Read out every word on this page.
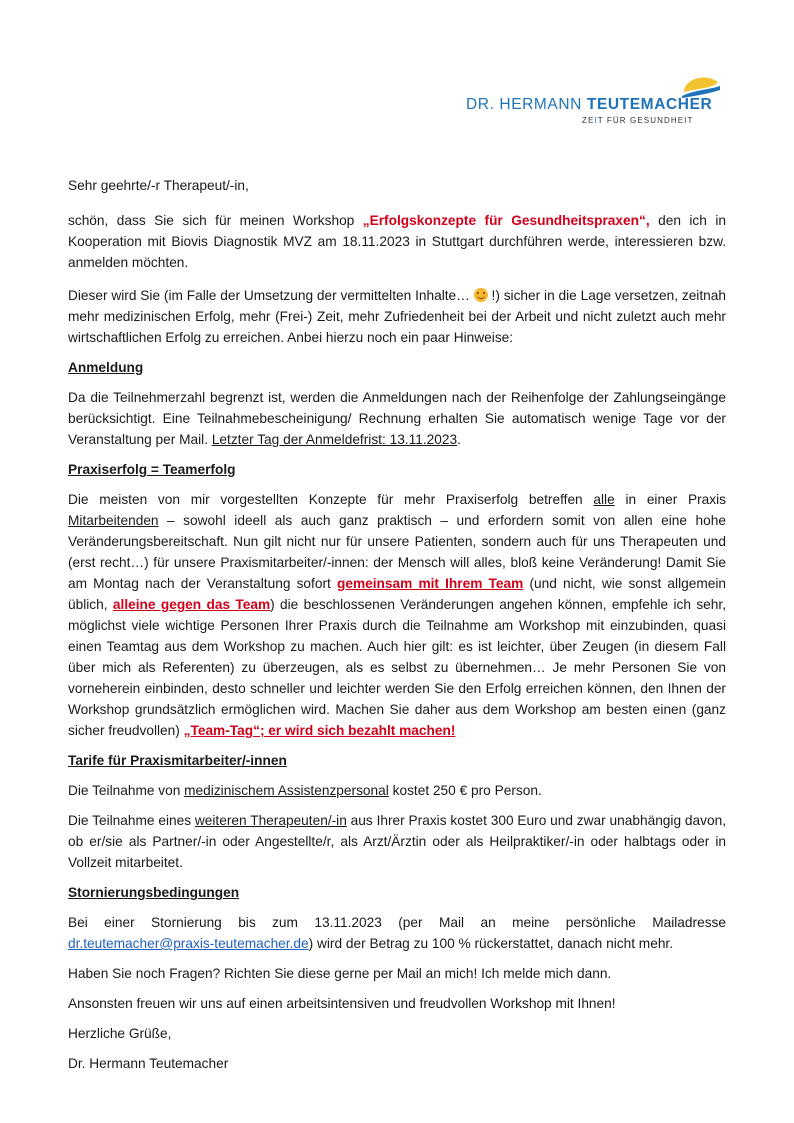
DR. HERMANN TEUTEMACHER
ZEIT FÜR GESUNDHEIT

Sehr geehrte/-r Therapeut/-in,

schön, dass Sie sich für meinen Workshop „Erfolgskonzepte für Gesundheitspraxen“, den ich in Kooperation mit Biovis Diagnostik MVZ am 18.11.2023 in Stuttgart durchführen werde, interessieren bzw. anmelden möchten.

Dieser wird Sie (im Falle der Umsetzung der vermittelten Inhalte…  !) sicher in die Lage versetzen, zeitnah mehr medizinischen Erfolg, mehr (Frei-) Zeit, mehr Zufriedenheit bei der Arbeit und nicht zuletzt auch mehr wirtschaftlichen Erfolg zu erreichen. Anbei hierzu noch ein paar Hinweise:

Anmeldung

Da die Teilnehmerzahl begrenzt ist, werden die Anmeldungen nach der Reihenfolge der Zahlungseingänge berücksichtigt. Eine Teilnahmebescheinigung/ Rechnung erhalten Sie automatisch wenige Tage vor der Veranstaltung per Mail. Letzter Tag der Anmeldefrist: 13.11.2023.

Praxiserfolg = Teamerfolg

Die meisten von mir vorgestellten Konzepte für mehr Praxiserfolg betreffen alle in einer Praxis Mitarbeitenden – sowohl ideell als auch ganz praktisch – und erfordern somit von allen eine hohe Veränderungsbereitschaft. Nun gilt nicht nur für unsere Patienten, sondern auch für uns Therapeuten und (erst recht…) für unsere Praxismitarbeiter/-innen: der Mensch will alles, bloß keine Veränderung! Damit Sie am Montag nach der Veranstaltung sofort gemeinsam mit Ihrem Team (und nicht, wie sonst allgemein üblich, alleine gegen das Team) die beschlossenen Veränderungen angehen können, empfehle ich sehr, möglichst viele wichtige Personen Ihrer Praxis durch die Teilnahme am Workshop mit einzubinden, quasi einen Teamtag aus dem Workshop zu machen. Auch hier gilt: es ist leichter, über Zeugen (in diesem Fall über mich als Referenten) zu überzeugen, als es selbst zu übernehmen… Je mehr Personen Sie von vorneherein einbinden, desto schneller und leichter werden Sie den Erfolg erreichen können, den Ihnen der Workshop grundsätzlich ermöglichen wird. Machen Sie daher aus dem Workshop am besten einen (ganz sicher freudvollen) „Team-Tag“; er wird sich bezahlt machen!

Tarife für Praxismitarbeiter/-innen

Die Teilnahme von medizinischem Assistenzpersonal kostet 250 € pro Person.

Die Teilnahme eines weiteren Therapeuten/-in aus Ihrer Praxis kostet 300 Euro und zwar unabhängig davon, ob er/sie als Partner/-in oder Angestellte/r, als Arzt/Ärztin oder als Heilpraktiker/-in oder halbtags oder in Vollzeit mitarbeitet.

Stornierungsbedingungen

Bei einer Stornierung bis zum 13.11.2023 (per Mail an meine persönliche Mailadresse dr.teutemacher@praxis-teutemacher.de) wird der Betrag zu 100 % rückerstattet, danach nicht mehr.

Haben Sie noch Fragen? Richten Sie diese gerne per Mail an mich! Ich melde mich dann.

Ansonsten freuen wir uns auf einen arbeitsintensiven und freudvollen Workshop mit Ihnen!

Herzliche Grüße,

Dr. Hermann Teutemacher
